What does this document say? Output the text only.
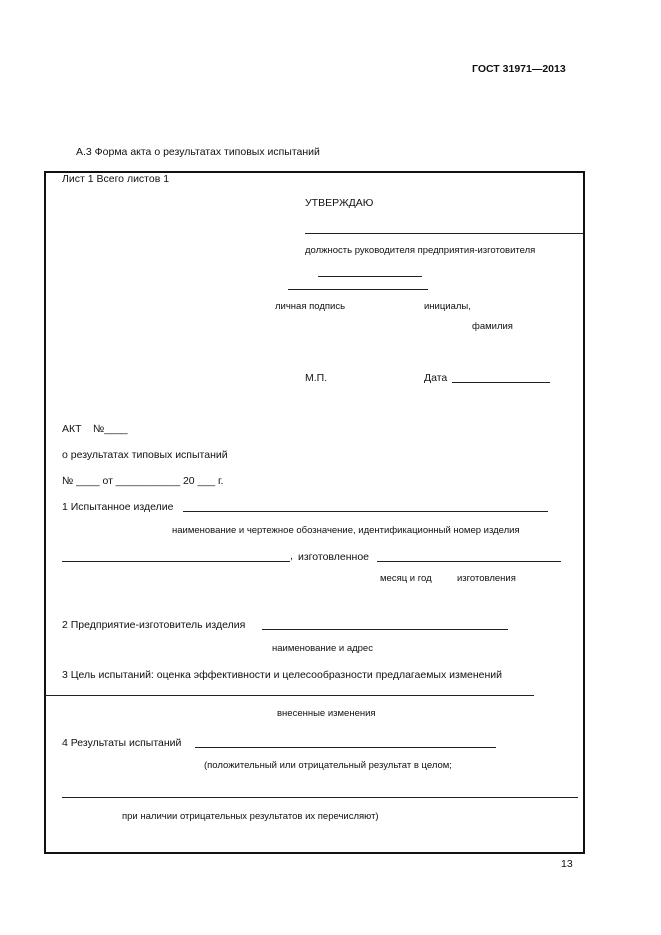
ГОСТ 31971—2013
А.3 Форма акта о результатах типовых испытаний
Лист 1 Всего листов 1
УТВЕРЖДАЮ
должность руководителя предприятия-изготовителя
личная подпись	инициалы,
фамилия
М.П.	Дата
АКТ №____
о результатах типовых испытаний
№ ____ от ___________ 20 ___ г.
1 Испытанное изделие
наименование и чертежное обозначение, идентификационный номер изделия
, изготовленное
месяц и год	изготовления
2 Предприятие-изготовитель изделия
наименование и адрес
3 Цель испытаний: оценка эффективности и целесообразности предлагаемых изменений
внесенные изменения
4 Результаты испытаний
(положительный или отрицательный результат в целом;
при наличии отрицательных результатов их перечисляют)
13
